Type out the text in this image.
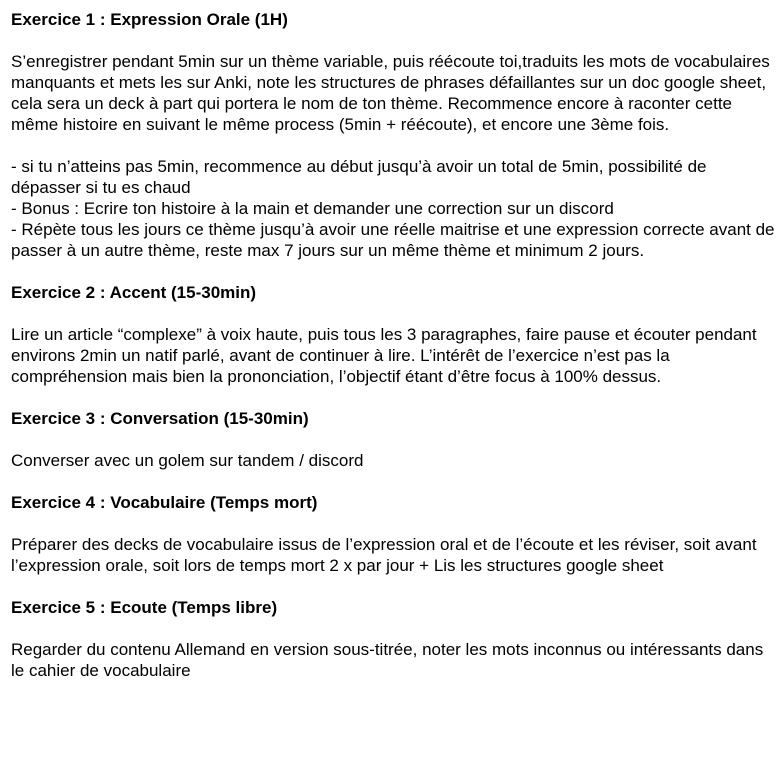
Exercice 1 : Expression Orale (1H)

S’enregistrer pendant 5min sur un thème variable, puis réécoute toi,traduits les mots de vocabulaires manquants et mets les sur Anki, note les structures de phrases défaillantes sur un doc google sheet, cela sera un deck à part qui portera le nom de ton thème. Recommence encore à raconter cette même histoire en suivant le même process (5min + réécoute), et encore une 3ème fois.

- si tu n’atteins pas 5min, recommence au début jusqu’à avoir un total de 5min, possibilité de dépasser si tu es chaud

- Bonus : Ecrire ton histoire à la main et demander une correction sur un discord

- Répète tous les jours ce thème jusqu’à avoir une réelle maitrise et une expression correcte avant de passer à un autre thème, reste max 7 jours sur un même thème et minimum 2 jours.

Exercice 2 : Accent (15-30min)

Lire un article “complexe” à voix haute, puis tous les 3 paragraphes, faire pause et écouter pendant environs 2min un natif parlé, avant de continuer à lire. L’intérêt de l’exercice n’est pas la compréhension mais bien la prononciation, l’objectif étant d’être focus à 100% dessus.

Exercice 3 : Conversation (15-30min)

Converser avec un golem sur tandem / discord

Exercice 4 : Vocabulaire (Temps mort)

Préparer des decks de vocabulaire issus de l’expression oral et de l’écoute et les réviser, soit avant l’expression orale, soit lors de temps mort 2 x par jour + Lis les structures google sheet

Exercice 5 : Ecoute (Temps libre)

Regarder du contenu Allemand en version sous-titrée, noter les mots inconnus ou intéressants dans le cahier de vocabulaire
